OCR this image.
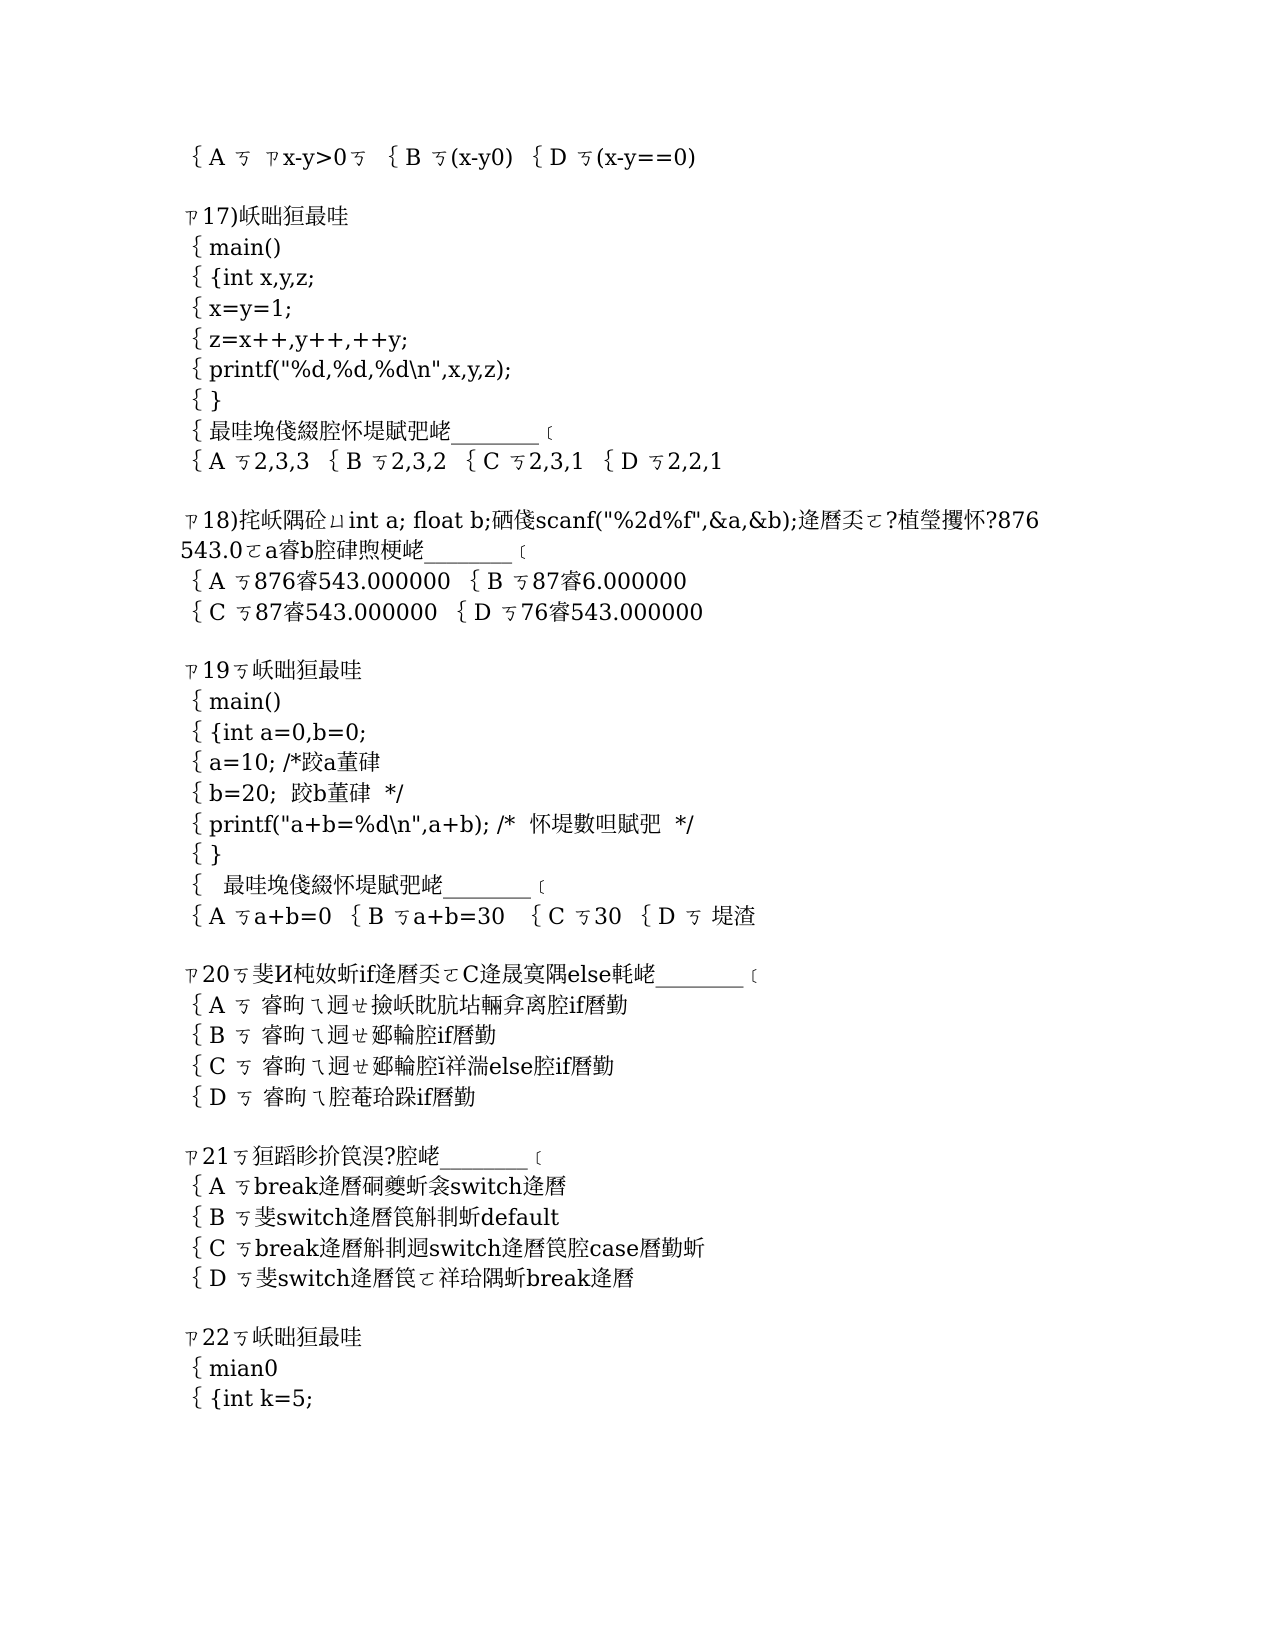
｛ A ㄎ ㄗx-y>0ㄎ ｛ B ㄎ(x-y0) ｛ D ㄎ(x-y==0)
ㄗ17)岆昢狟最哇
｛ main()
｛ {int x,y,z;
｛ x=y=1;
｛ z=x++,y++,++y;
｛ printf("%d,%d,%d\n",x,y,z);
｛ }
｛ 最哇堍俴綴腔怀堤賦弝峔________﹝
｛ A ㄎ2,3,3 ｛ B ㄎ2,3,2 ｛ C ㄎ2,3,1 ｛ D ㄎ2,2,1
ㄗ18)挓岆隅砼ㄩint a; float b;硒俴scanf("%2d%f",&a,&b);逄曆奀ㄛ?植瑩攫怀?876
543.0ㄛa睿b腔硉煦梗峔________﹝
｛ A ㄎ876睿543.000000 ｛ B ㄎ87睿6.000000
｛ C ㄎ87睿543.000000 ｛ D ㄎ76睿543.000000
ㄗ19ㄎ岆昢狟最哇
｛ main()
｛ {int a=0,b=0;
｛ a=10; /*跤a董硉
｛ b=20;  跤b董硉  */
｛ printf("a+b=%d\n",a+b); /*  怀堤數呾賦弝  */
｛ }
｛   最哇堍俴綴怀堤賦弝峔________﹝
｛ A ㄎa+b=0 ｛ B ㄎa+b=30  ｛ C ㄎ30 ｛ D ㄎ 堤渣
ㄗ20ㄎ斐И杶奻蚚if逄曆奀ㄛC逄晟寞隅else軞峔________﹝
｛ A ㄎ 睿昫ㄟ迵ㄝ撿岆眈肮坫輛弇离腔if曆勤
｛ B ㄎ 睿昫ㄟ迵ㄝ郔輪腔if曆勤
｛ C ㄎ 睿昫ㄟ迵ㄝ郔輪腔ĭ祥湍else腔if曆勤
｛ D ㄎ 睿昫ㄟ腔菴珨跺if曆勤
ㄗ21ㄎ狟蹈眕扴笢淏?腔峔________﹝
｛ A ㄎbreak逄曆硐夔蚚衾switch逄曆
｛ B ㄎ斐switch逄曆笢斛剕蚚default
｛ C ㄎbreak逄曆斛剕迵switch逄曆笢腔case曆勤蚚
｛ D ㄎ斐switch逄曆笢ㄛ祥珨隅蚚break逄曆
ㄗ22ㄎ岆昢狟最哇
｛ mian0
｛ {int k=5;
